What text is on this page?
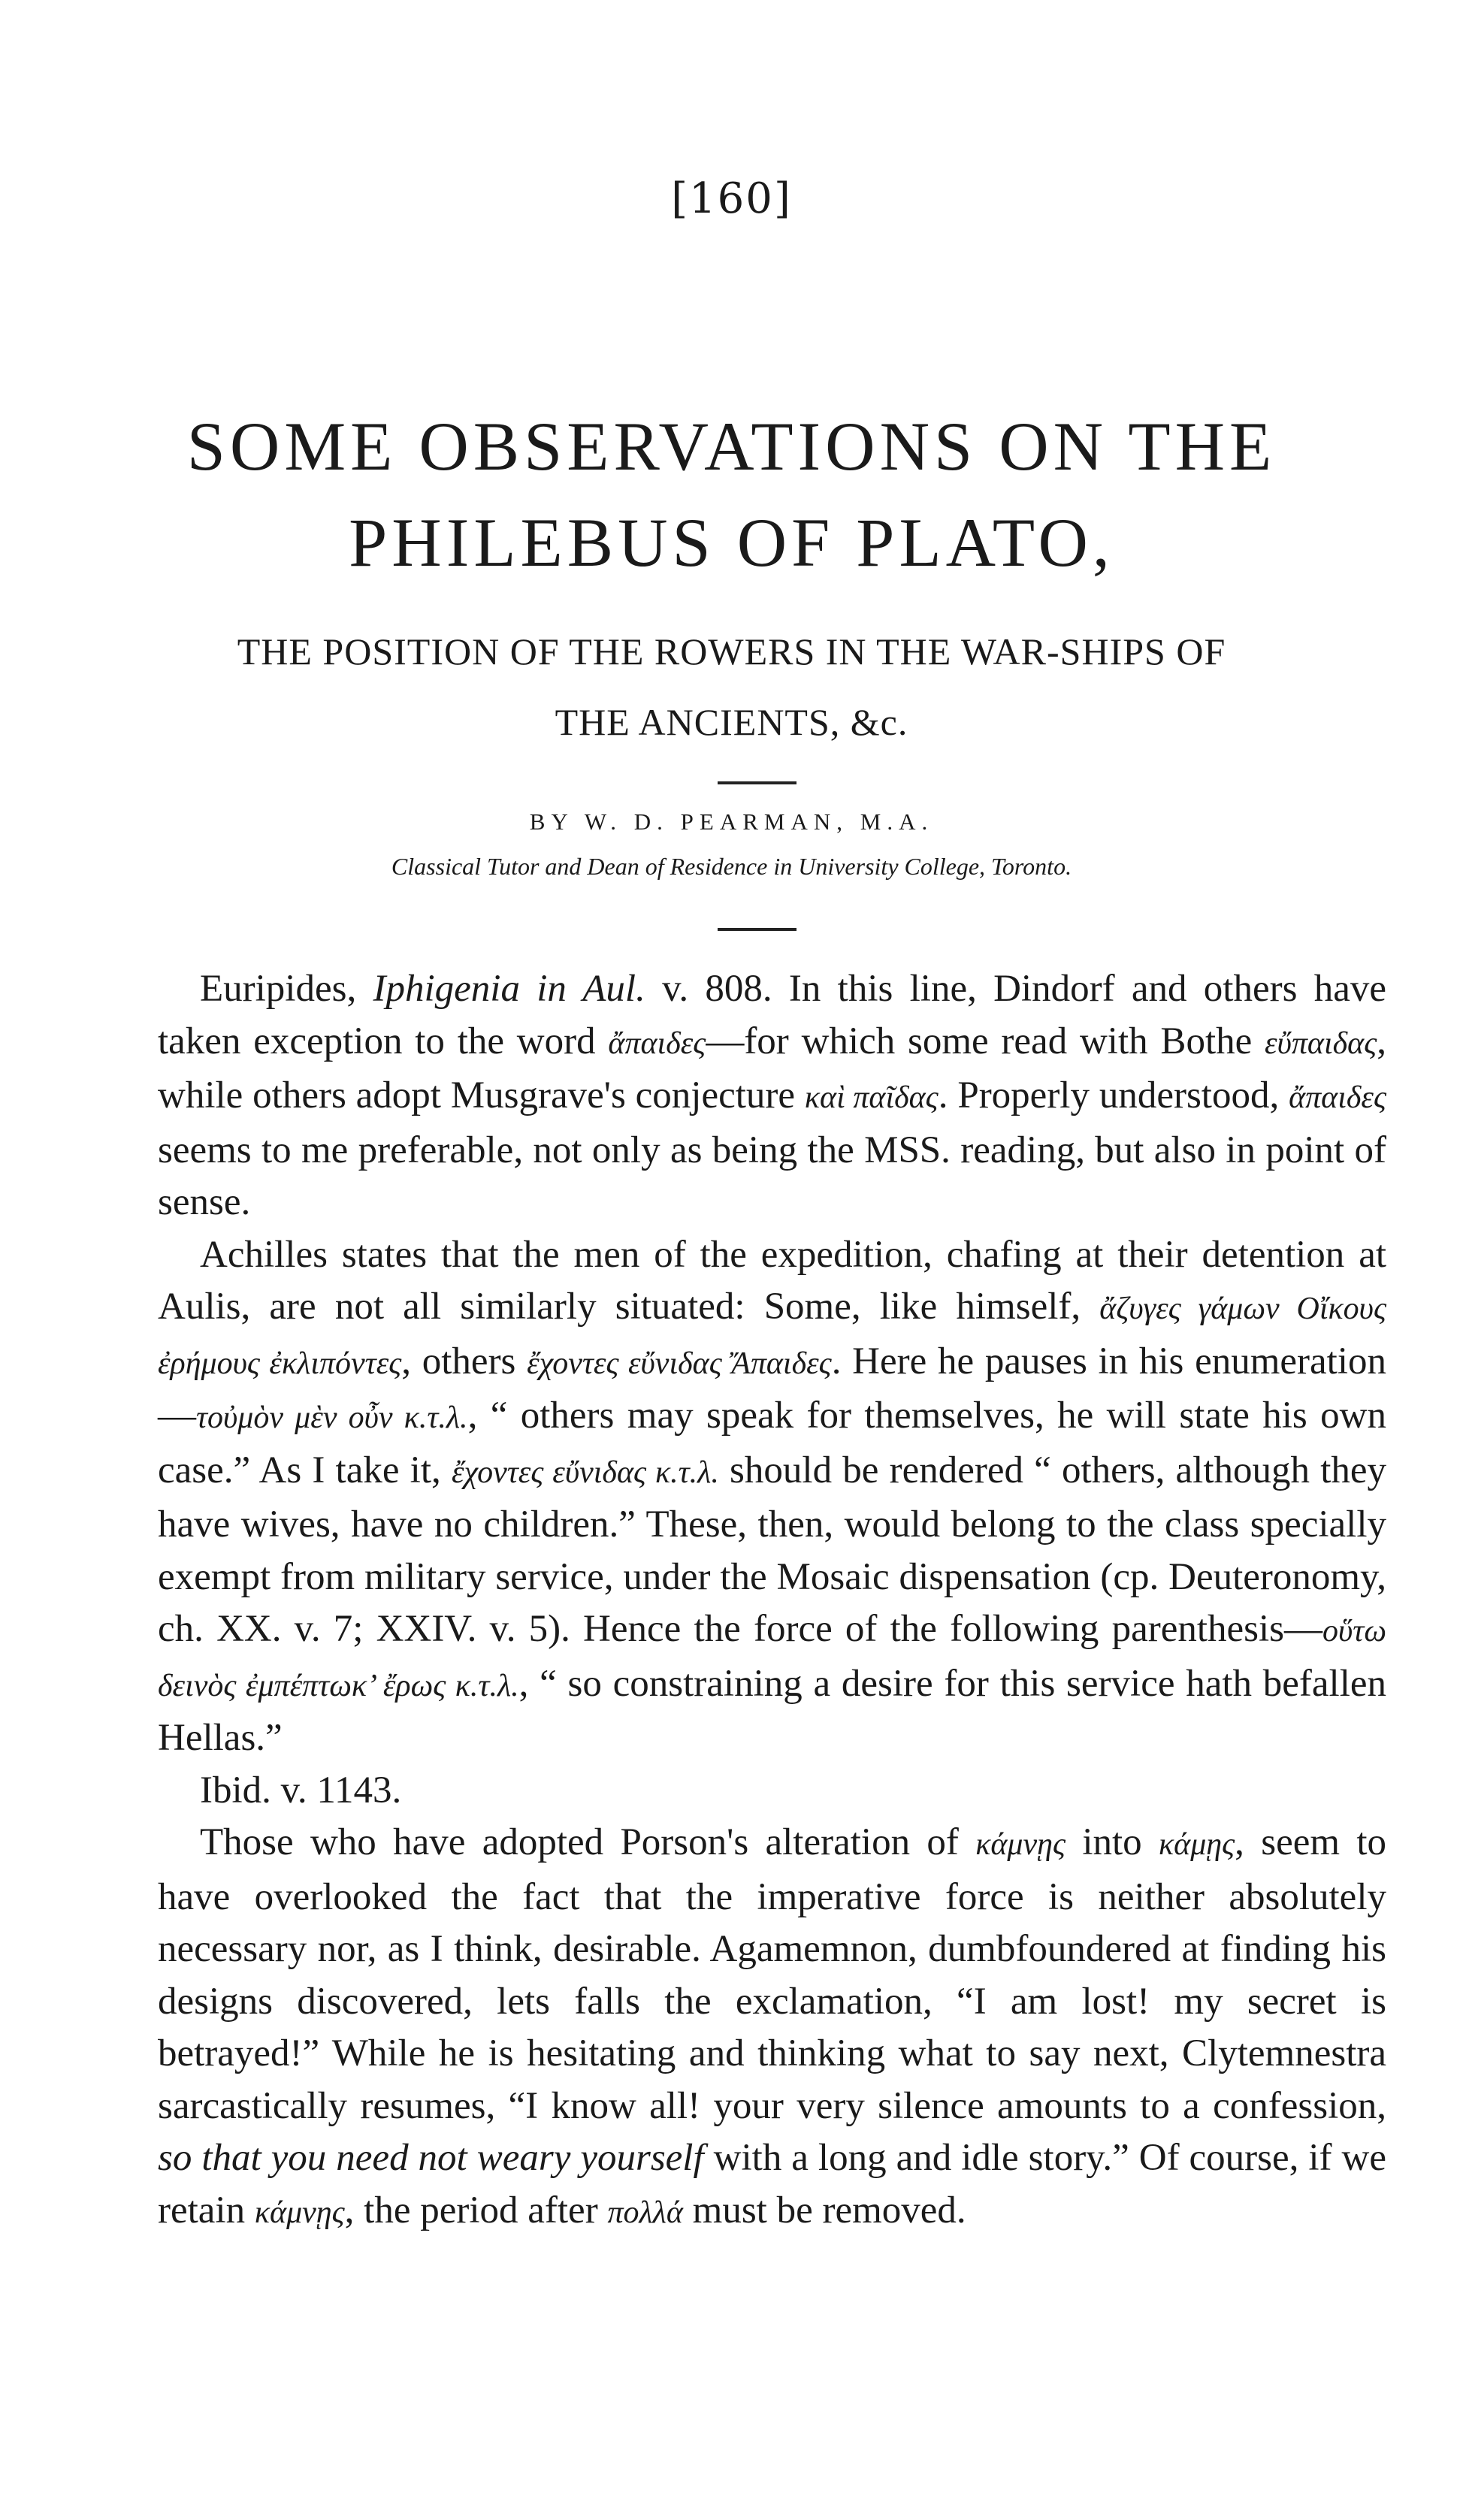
[160]
SOME OBSERVATIONS ON THE
PHILEBUS OF PLATO,
THE POSITION OF THE ROWERS IN THE WAR-SHIPS OF
THE ANCIENTS, &c.
BY W. D. PEARMAN, M.A.
Classical Tutor and Dean of Residence in University College, Toronto.

Euripides, Iphigenia in Aul. v. 808. In this line, Dindorf and others have taken exception to the word ἄπαιδες—for which some read with Bothe εὔπαιδας, while others adopt Musgrave's conjecture καὶ παῖδας. Properly understood, ἄπαιδες seems to me preferable, not only as being the MSS. reading, but also in point of sense.

Achilles states that the men of the expedition, chafing at their detention at Aulis, are not all similarly situated: Some, like himself, ἄζυγες γάμων Οἴκους ἐρήμους ἐκλιπόντες, others ἔχοντες εὔνιδας Ἄπαιδες. Here he pauses in his enumeration—τοὐμὸν μὲν οὖν κ.τ.λ., “ others may speak for themselves, he will state his own case.” As I take it, ἔχοντες εὔνιδας κ.τ.λ. should be rendered “ others, although they have wives, have no children.” These, then, would belong to the class specially exempt from military service, under the Mosaic dispensation (cp. Deuteronomy, ch. XX. v. 7; XXIV. v. 5). Hence the force of the following parenthesis—οὕτω δεινὸς ἐμπέπτωκ’ ἔρως κ.τ.λ., “ so constraining a desire for this service hath befallen Hellas.”

Ibid. v. 1143.

Those who have adopted Porson's alteration of κάμνῃς into κάμῃς, seem to have overlooked the fact that the imperative force is neither absolutely necessary nor, as I think, desirable. Agamemnon, dumbfoundered at finding his designs discovered, lets falls the exclamation, “I am lost! my secret is betrayed!” While he is hesitating and thinking what to say next, Clytemnestra sarcastically resumes, “I know all! your very silence amounts to a confession, so that you need not weary yourself with a long and idle story.” Of course, if we retain κάμνῃς, the period after πολλά must be removed.
